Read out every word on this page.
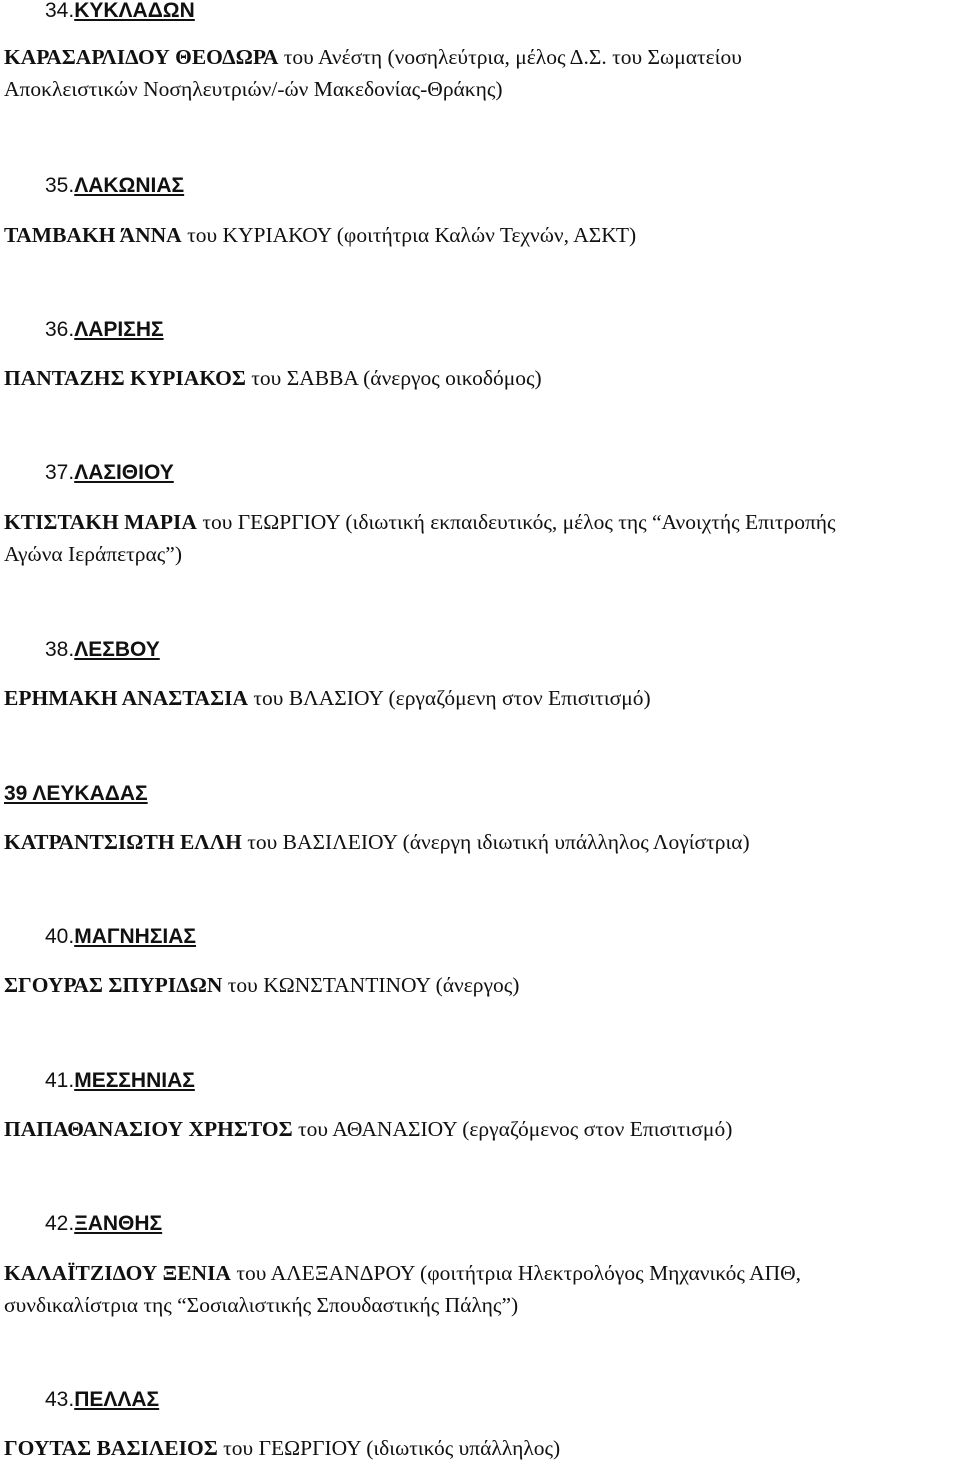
34.ΚΥΚΛΑΔΩΝ
ΚΑΡΑΣΑΡΛΙΔΟΥ ΘΕΟΔΩΡΑ του Ανέστη (νοσηλεύτρια, μέλος Δ.Σ. του Σωματείου
Αποκλειστικών Νοσηλευτριών/-ών Μακεδονίας-Θράκης)
35.ΛΑΚΩΝΙΑΣ
ΤΑΜΒΑΚΗ ΆΝΝΑ του ΚΥΡΙΑΚΟΥ (φοιτήτρια Καλών Τεχνών, ΑΣΚΤ)
36.ΛΑΡΙΣΗΣ
ΠΑΝΤΑΖΗΣ ΚΥΡΙΑΚΟΣ του ΣΑΒΒΑ (άνεργος οικοδόμος)
37.ΛΑΣΙΘΙΟΥ
ΚΤΙΣΤΑΚΗ ΜΑΡΙΑ του ΓΕΩΡΓΙΟΥ (ιδιωτική εκπαιδευτικός, μέλος της “Ανοιχτής Επιτροπής
Αγώνα Ιεράπετρας”)
38.ΛΕΣΒΟΥ
ΕΡΗΜΑΚΗ ΑΝΑΣΤΑΣΙΑ του ΒΛΑΣΙΟΥ (εργαζόμενη στον Επισιτισμό)
39 ΛΕΥΚΑΔΑΣ
ΚΑΤΡΑΝΤΣΙΩΤΗ ΕΛΛΗ του ΒΑΣΙΛΕΙΟΥ (άνεργη ιδιωτική υπάλληλος Λογίστρια)
40.ΜΑΓΝΗΣΙΑΣ
ΣΓΟΥΡΑΣ ΣΠΥΡΙΔΩΝ του ΚΩΝΣΤΑΝΤΙΝΟΥ (άνεργος)
41.ΜΕΣΣΗΝΙΑΣ
ΠΑΠΑΘΑΝΑΣΙΟΥ ΧΡΗΣΤΟΣ του ΑΘΑΝΑΣΙΟΥ (εργαζόμενος στον Επισιτισμό)
42.ΞΑΝΘΗΣ
ΚΑΛΑΪΤΖΙΔΟΥ ΞΕΝΙΑ του ΑΛΕΞΑΝΔΡΟΥ (φοιτήτρια Ηλεκτρολόγος Μηχανικός ΑΠΘ,
συνδικαλίστρια της “Σοσιαλιστικής Σπουδαστικής Πάλης”)
43.ΠΕΛΛΑΣ
ΓΟΥΤΑΣ ΒΑΣΙΛΕΙΟΣ του ΓΕΩΡΓΙΟΥ (ιδιωτικός υπάλληλος)
